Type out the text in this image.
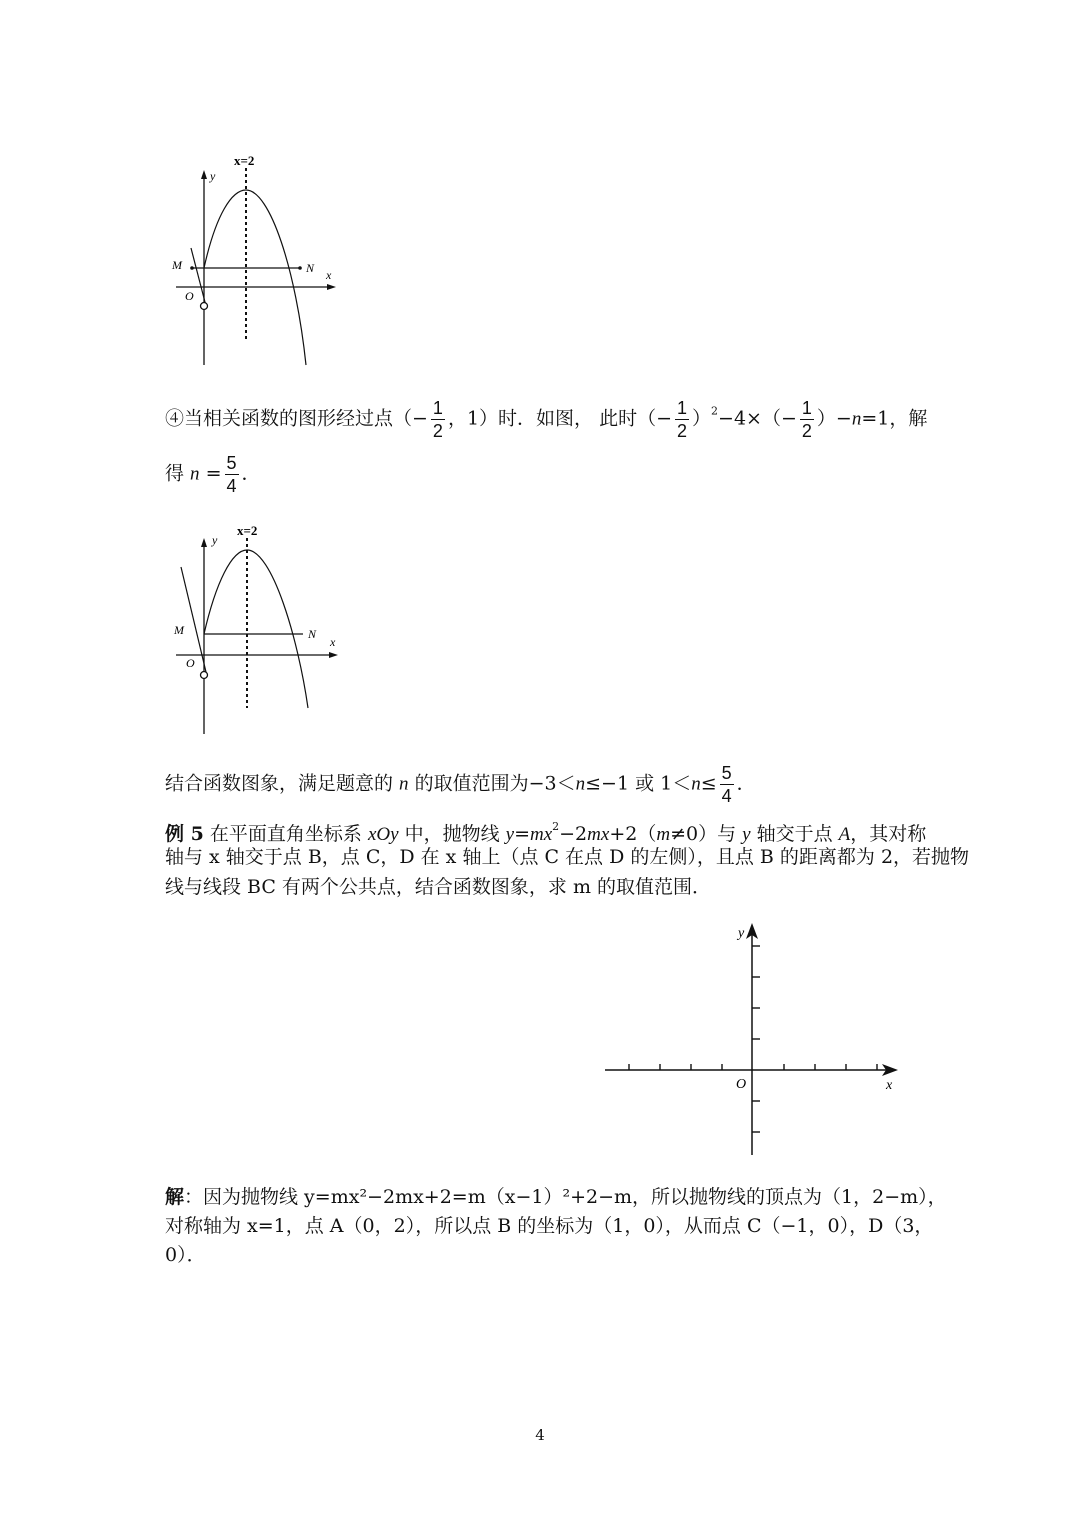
x=2
y
x
O
M	N
④当相关函数的图形经过点（− $\frac{1}{2}$ ，1）时．如图， 此时（− $\frac{1}{2} )^2-4\times(- \frac{1}{2} )-n=1$，解
得 $n = \frac{5}{4}$ ．
x=2
y
x
O
M	N
结合函数图象，满足题意的 n 的取值范围为−3＜n≤−1 或 $1<n\le \frac{5}{4}$ ．
例 5 在平面直角坐标系 xOy 中，抛物线 $y=mx^2-2mx+2(m\ne 0)$与 y 轴交于点 A，其对称
轴与 x 轴交于点 B，点 C，D 在 x 轴上（点 C 在点 D 的左侧），且点 B 的距离都为 2，若抛物
线与线段 BC 有两个公共点，结合函数图象，求 m 的取值范围．
y
x
O
解：因为抛物线 y=mx²−2mx+2=m（x−1）²+2−m，所以抛物线的顶点为（1，2−m），
对称轴为 x=1，点 A（0，2），所以点 B 的坐标为（1，0），从而点 C（−1，0），D（3，
0）．
4
